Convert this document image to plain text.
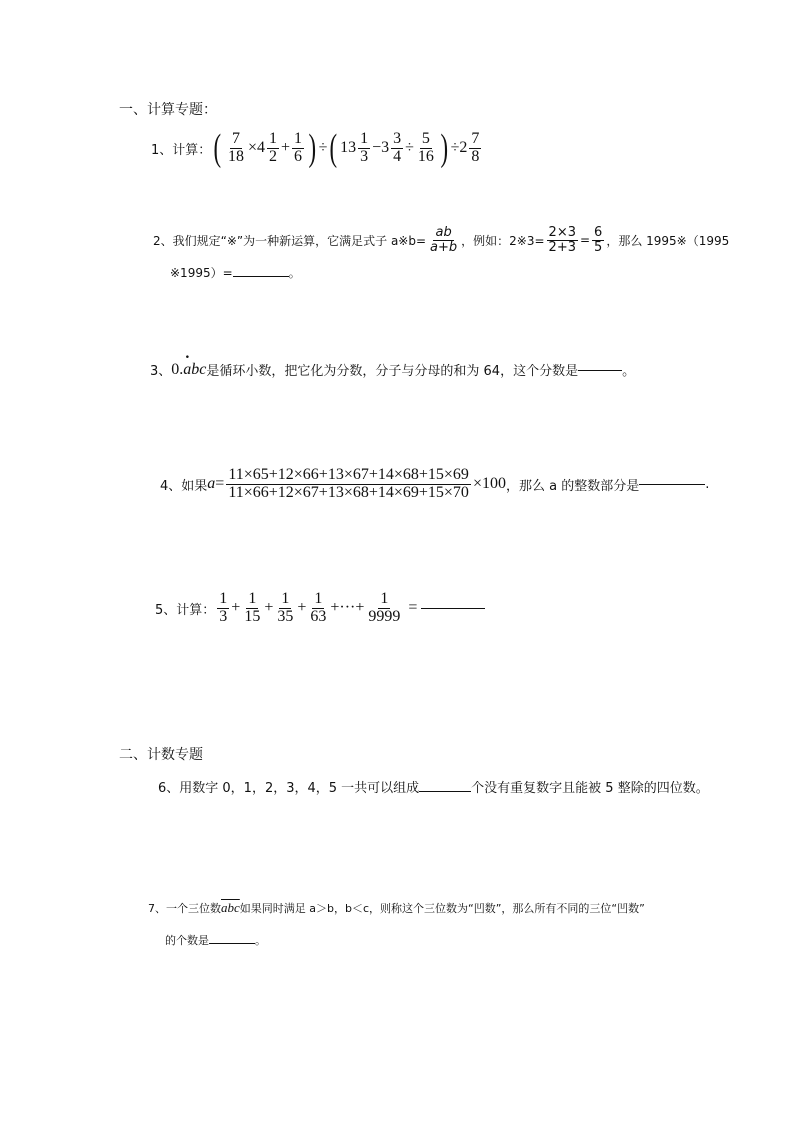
一、计算专题：
1、计算： ( $\frac{7}{18} \times 4 \frac{1}{2} + \frac{1}{6}$ ) ÷ ( $13 \frac{1}{3} - 3 \frac{3}{4} \div \frac{5}{16}$ ) ÷ $2 \frac{7}{8}$
2、我们规定“※”为一种新运算，它满足式子 a※b= $\frac{ab}{a+b}$ ，例如：2※3= $\frac{2\times 3}{2+3} = \frac{6}{5}$ ，那么 1995※（1995
※1995）=	。
3、 0.· abc 是循环小数，把它化为分数，分子与分母的和为 64，这个分数是	。
4、如果 $a = \frac{11\times 65+12\times 66+13\times 67+14\times 68+15\times 69}{11\times 66+12\times 67+13\times 68+14\times 69+15\times 70} \times 100$ ，那么 a 的整数部分是	.
5、计算： $\frac{1}{3} + \frac{1}{15} + \frac{1}{35} + \frac{1}{63}$ +···+ $\frac{1}{9999}$ =
二、计数专题
6、用数字 0，1，2，3，4，5 一共可以组成	个没有重复数字且能被 5 整除的四位数。
7、一个三位数$\overline{abc}$如果同时满足 a＞b，b＜c，则称这个三位数为“凹数”，那么所有不同的三位“凹数”
的个数是	。
